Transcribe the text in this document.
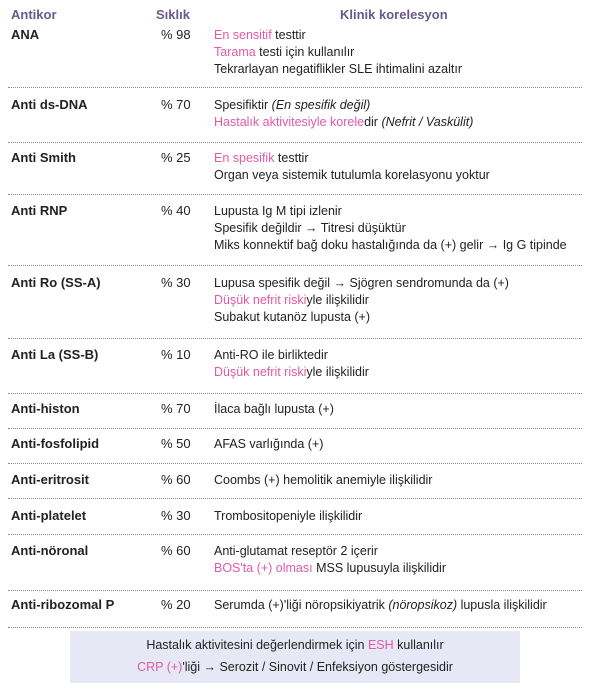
Antikor	Sıklık	Klinik korelesyon
ANA	% 98 En sensitif testtir
Tarama testi için kullanılır
Tekrarlayan negatiflikler SLE ihtimalini azaltır
Anti ds-DNA	% 70 Spesifiktir (En spesifik değil)
Hastalık aktivitesiyle koreledir (Nefrit / Vaskülit)
Anti Smith	% 25 En spesifik testtir
Organ veya sistemik tutulumla korelasyonu yoktur
Anti RNP	% 40 Lupusta Ig M tipi izlenir
Spesifik değildir → Titresi düşüktür
Miks konnektif bağ doku hastalığında da (+) gelir → Ig G tipinde
Anti Ro (SS-A)	% 30 Lupusa spesifik değil → Sjögren sendromunda da (+)
Düşük nefrit riskiyle ilişkilidir
Subakut kutanöz lupusta (+)
Anti La (SS-B)	% 10 Anti-RO ile birliktedir
Düşük nefrit riskiyle ilişkilidir
Anti-histon	% 70 İlaca bağlı lupusta (+)
Anti-fosfolipid	% 50 AFAS varlığında (+)
Anti-eritrosit	% 60 Coombs (+) hemolitik anemiyle ilişkilidir
Anti-platelet	% 30 Trombositopeniyle ilişkilidir
Anti-nöronal	% 60 Anti-glutamat reseptör 2 içerir
BOS'ta (+) olması MSS lupusuyla ilişkilidir
Anti-ribozomal P	% 20 Serumda (+)'liği nöropsikiyatrik (nöropsikoz) lupusla ilişkilidir
Hastalık aktivitesini değerlendirmek için ESH kullanılır
CRP (+)'liği → Serozit / Sinovit / Enfeksiyon göstergesidir
